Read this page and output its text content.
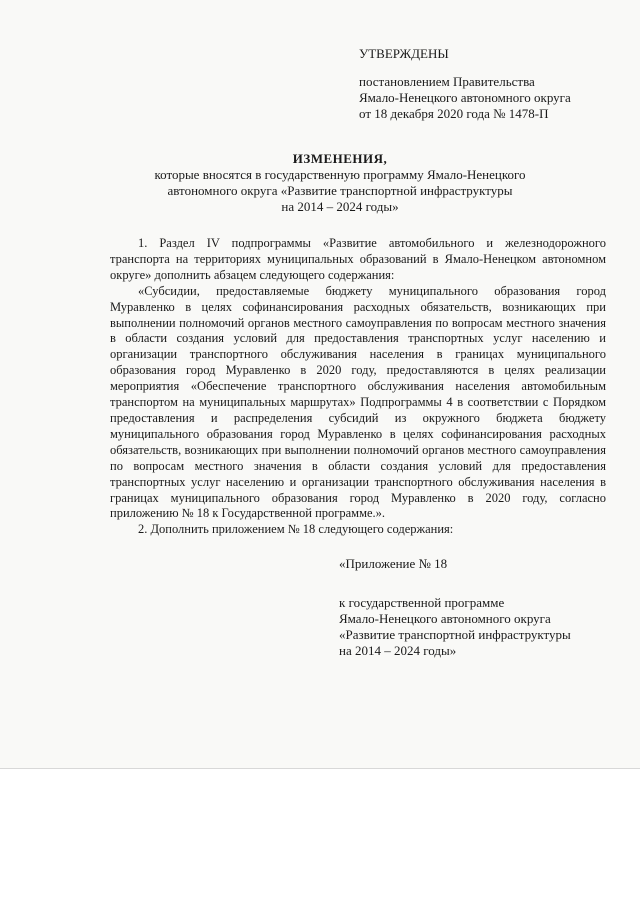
УТВЕРЖДЕНЫ
постановлением Правительства
Ямало-Ненецкого автономного округа
от 18 декабря 2020 года № 1478-П
ИЗМЕНЕНИЯ,
которые вносятся в государственную программу Ямало-Ненецкого
автономного округа «Развитие транспортной инфраструктуры
на 2014 – 2024 годы»

1. Раздел IV подпрограммы «Развитие автомобильного и железнодорожного транспорта на территориях муниципальных образований в Ямало-Ненецком автономном округе» дополнить абзацем следующего содержания:

«Субсидии, предоставляемые бюджету муниципального образования город Муравленко в целях софинансирования расходных обязательств, возникающих при выполнении полномочий органов местного самоуправления по вопросам местного значения в области создания условий для предоставления транспортных услуг населению и организации транспортного обслуживания населения в границах муниципального образования город Муравленко в 2020 году, предоставляются в целях реализации мероприятия «Обеспечение транспортного обслуживания населения автомобильным транспортом на муниципальных маршрутах» Подпрограммы 4 в соответствии с Порядком предоставления и распределения субсидий из окружного бюджета бюджету муниципального образования город Муравленко в целях софинансирования расходных обязательств, возникающих при выполнении полномочий органов местного самоуправления по вопросам местного значения в области создания условий для предоставления транспортных услуг населению и организации транспортного обслуживания населения в границах муниципального образования город Муравленко в 2020 году, согласно приложению № 18 к Государственной программе.».

2. Дополнить приложением № 18 следующего содержания:

«Приложение № 18
к государственной программе
Ямало-Ненецкого автономного округа
«Развитие транспортной инфраструктуры
на 2014 – 2024 годы»
